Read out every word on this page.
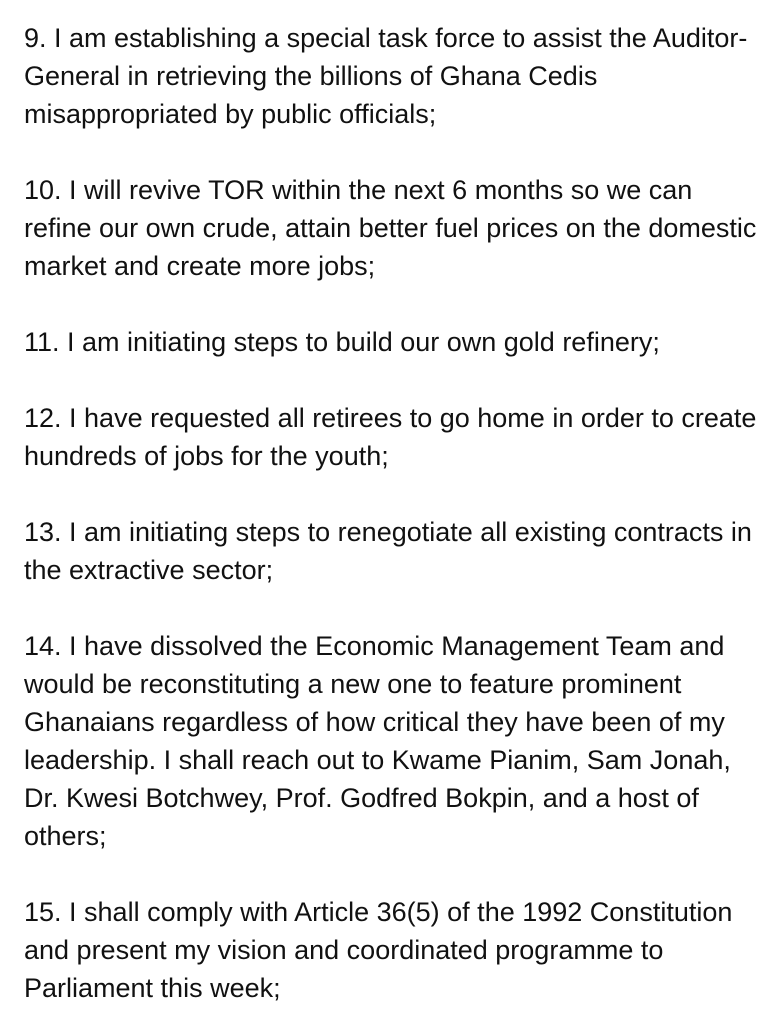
9. I am establishing a special task force to assist the Auditor-General in retrieving the billions of Ghana Cedis misappropriated by public officials;

10. I will revive TOR within the next 6 months so we can refine our own crude, attain better fuel prices on the domestic market and create more jobs;

11. I am initiating steps to build our own gold refinery;

12. I have requested all retirees to go home in order to create hundreds of jobs for the youth;

13. I am initiating steps to renegotiate all existing contracts in the extractive sector;

14. I have dissolved the Economic Management Team and would be reconstituting a new one to feature prominent Ghanaians regardless of how critical they have been of my leadership. I shall reach out to Kwame Pianim, Sam Jonah, Dr. Kwesi Botchwey, Prof. Godfred Bokpin, and a host of others;

15. I shall comply with Article 36(5) of the 1992 Constitution and present my vision and coordinated programme to Parliament this week;
